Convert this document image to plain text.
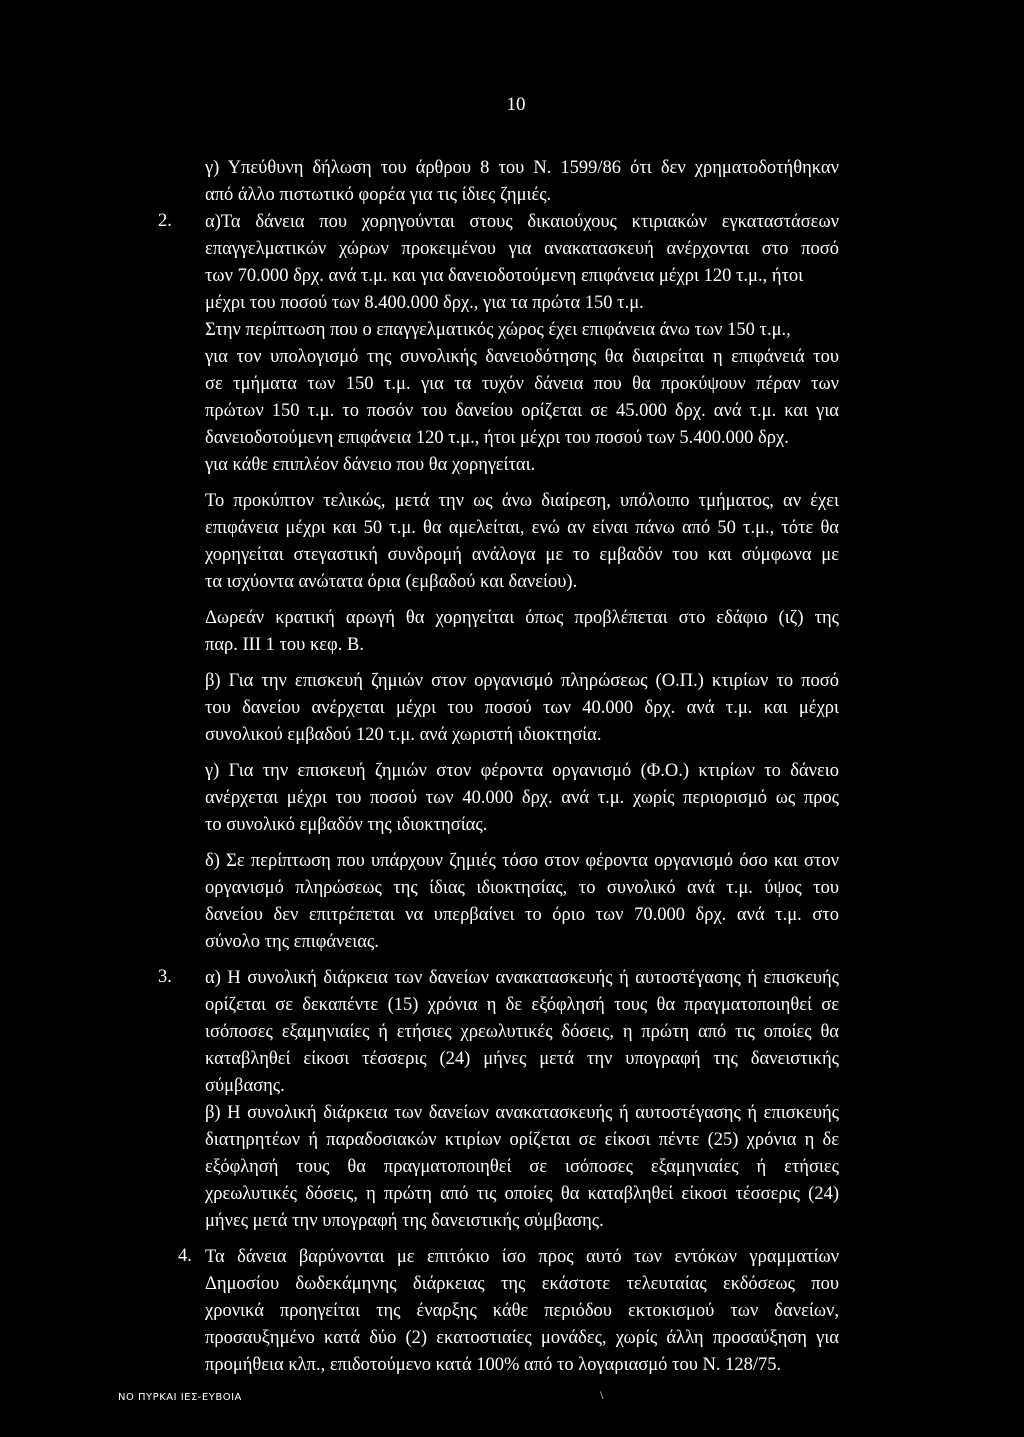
10
γ) Υπεύθυνη δήλωση του άρθρου 8 του Ν. 1599/86 ότι δεν χρηματοδοτήθηκαν
από άλλο πιστωτικό φορέα για τις ίδιες ζημιές.
2. α)Τα δάνεια που χορηγούνται στους δικαιούχους κτιριακών εγκαταστάσεων
επαγγελματικών χώρων προκειμένου για ανακατασκευή ανέρχονται στο ποσό
των 70.000 δρχ. ανά τ.μ. και για δανειοδοτούμενη επιφάνεια μέχρι 120 τ.μ., ήτοι
μέχρι του ποσού των 8.400.000 δρχ., για τα πρώτα 150 τ.μ.
Στην περίπτωση που ο επαγγελματικός χώρος έχει επιφάνεια άνω των 150 τ.μ.,
για τον υπολογισμό της συνολικής δανειοδότησης θα διαιρείται η επιφάνειά του
σε τμήματα των 150 τ.μ. για τα τυχόν δάνεια που θα προκύψουν πέραν των
πρώτων 150 τ.μ. το ποσόν του δανείου ορίζεται σε 45.000 δρχ. ανά τ.μ. και για
δανειοδοτούμενη επιφάνεια 120 τ.μ., ήτοι μέχρι του ποσού των 5.400.000 δρχ.
για κάθε επιπλέον δάνειο που θα χορηγείται.
Το προκύπτον τελικώς, μετά την ως άνω διαίρεση, υπόλοιπο τμήματος, αν έχει
επιφάνεια μέχρι και 50 τ.μ. θα αμελείται, ενώ αν είναι πάνω από 50 τ.μ., τότε θα
χορηγείται στεγαστική συνδρομή ανάλογα με το εμβαδόν του και σύμφωνα με
τα ισχύοντα ανώτατα όρια (εμβαδού και δανείου).
Δωρεάν κρατική αρωγή θα χορηγείται όπως προβλέπεται στο εδάφιο (ιζ) της
παρ. III 1 του κεφ. Β.
β) Για την επισκευή ζημιών στον οργανισμό πληρώσεως (Ο.Π.) κτιρίων το ποσό
του δανείου ανέρχεται μέχρι του ποσού των 40.000 δρχ. ανά τ.μ. και μέχρι
συνολικού εμβαδού 120 τ.μ. ανά χωριστή ιδιοκτησία.
γ) Για την επισκευή ζημιών στον φέροντα οργανισμό (Φ.Ο.) κτιρίων το δάνειο
ανέρχεται μέχρι του ποσού των 40.000 δρχ. ανά τ.μ. χωρίς περιορισμό ως προς
το συνολικό εμβαδόν της ιδιοκτησίας.
δ) Σε περίπτωση που υπάρχουν ζημιές τόσο στον φέροντα οργανισμό όσο και στον
οργανισμό πληρώσεως της ίδιας ιδιοκτησίας, το συνολικό ανά τ.μ. ύψος του
δανείου δεν επιτρέπεται να υπερβαίνει το όριο των 70.000 δρχ. ανά τ.μ. στο
σύνολο της επιφάνειας.
3. α) Η συνολική διάρκεια των δανείων ανακατασκευής ή αυτοστέγασης ή επισκευής
ορίζεται σε δεκαπέντε (15) χρόνια η δε εξόφλησή τους θα πραγματοποιηθεί σε
ισόποσες εξαμηνιαίες ή ετήσιες χρεωλυτικές δόσεις, η πρώτη από τις οποίες θα
καταβληθεί είκοσι τέσσερις (24) μήνες μετά την υπογραφή της δανειστικής
σύμβασης.
β) Η συνολική διάρκεια των δανείων ανακατασκευής ή αυτοστέγασης ή επισκευής
διατηρητέων ή παραδοσιακών κτιρίων ορίζεται σε είκοσι πέντε (25) χρόνια η δε
εξόφλησή τους θα πραγματοποιηθεί σε ισόποσες εξαμηνιαίες ή ετήσιες
χρεωλυτικές δόσεις, η πρώτη από τις οποίες θα καταβληθεί είκοσι τέσσερις (24)
μήνες μετά την υπογραφή της δανειστικής σύμβασης.
4. Τα δάνεια βαρύνονται με επιτόκιο ίσο προς αυτό των εντόκων γραμματίων
Δημοσίου δωδεκάμηνης διάρκειας της εκάστοτε τελευταίας εκδόσεως που
χρονικά προηγείται της έναρξης κάθε περιόδου εκτοκισμού των δανείων,
προσαυξημένο κατά δύο (2) εκατοστιαίες μονάδες, χωρίς άλλη προσαύξηση για
προμήθεια κλπ., επιδοτούμενο κατά 100% από το λογαριασμό του Ν. 128/75.
ΝΟ ΠΥΡΚΑΙ ΙΕΣ-ΕΥΒΟΙΑ	\
